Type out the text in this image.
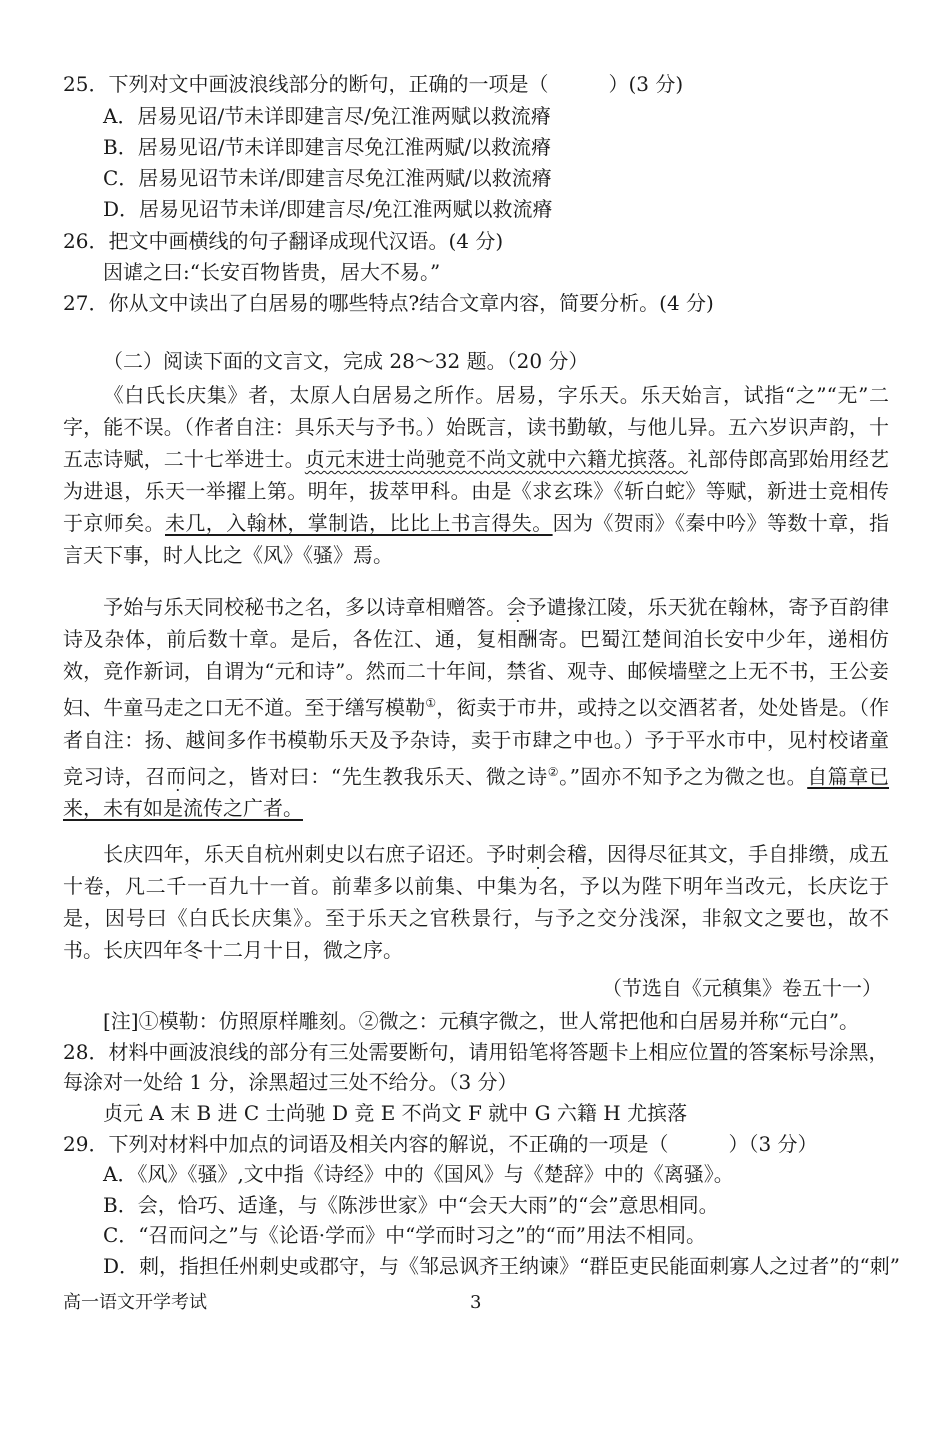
25．下列对文中画波浪线部分的断句，正确的一项是（　　　）(3 分)
A．居易见诏/节未详即建言尽/免江淮两赋以救流瘠
B．居易见诏/节未详即建言尽免江淮两赋/以救流瘠
C．居易见诏节未详/即建言尽免江淮两赋/以救流瘠
D．居易见诏节未详/即建言尽/免江淮两赋以救流瘠
26．把文中画横线的句子翻译成现代汉语。(4 分)
因谑之曰:“长安百物皆贵，居大不易。”
27．你从文中读出了白居易的哪些特点?结合文章内容，简要分析。(4 分)
（二）阅读下面的文言文，完成 28～32 题。（20 分）
《白氏长庆集》者，太原人白居易之所作。居易，字乐天。乐天始言，试指“之”“无”二字，能不误。（作者自注：具乐天与予书。）始既言，读书勤敏，与他儿异。五六岁识声韵，十五志诗赋，二十七举进士。贞元末进士尚驰竞不尚文就中六籍尤摈落。礼部侍郎高郢始用经艺为进退，乐天一举擢上第。明年，拔萃甲科。由是《求玄珠》《斩白蛇》等赋，新进士竞相传于京师矣。未几，入翰林，掌制诰，比比上书言得失。因为《贺雨》《秦中吟》等数十章，指言天下事，时人比之《风》《骚》焉。
予始与乐天同校秘书之名，多以诗章相赠答。会予谴掾江陵，乐天犹在翰林，寄予百韵律诗及杂体，前后数十章。是后，各佐江、通，复相酬寄。巴蜀江楚间洎长安中少年，递相仿效，竞作新词，自谓为“元和诗”。然而二十年间，禁省、观寺、邮候墙壁之上无不书，王公妾妇、牛童马走之口无不道。至于缮写模勒①，衒卖于市井，或持之以交酒茗者，处处皆是。（作者自注：扬、越间多作书模勒乐天及予杂诗，卖于市肆之中也。）予于平水市中，见村校诸童竞习诗，召而问之，皆对曰：“先生教我乐天、微之诗②。”固亦不知予之为微之也。自篇章已来，未有如是流传之广者。
长庆四年，乐天自杭州刺史以右庶子诏还。予时刺会稽，因得尽征其文，手自排缵，成五十卷，凡二千一百九十一首。前辈多以前集、中集为名，予以为陛下明年当改元，长庆讫于是，因号曰《白氏长庆集》。至于乐天之官秩景行，与予之交分浅深，非叙文之要也，故不书。长庆四年冬十二月十日，微之序。
（节选自《元稹集》卷五十一）
[注]①模勒：仿照原样雕刻。②微之：元稹字微之，世人常把他和白居易并称“元白”。
28．材料中画波浪线的部分有三处需要断句，请用铅笔将答题卡上相应位置的答案标号涂黑，
每涂对一处给 1 分，涂黑超过三处不给分。（3 分）
贞元 A 末 B 进 C 士尚驰 D 竞 E 不尚文 F 就中 G 六籍 H 尤摈落
29．下列对材料中加点的词语及相关内容的解说，不正确的一项是（　　　）（3 分）
A．《风》《骚》,文中指《诗经》中的《国风》与《楚辞》中的《离骚》。
B．会，恰巧、适逢，与《陈涉世家》中“会天大雨”的“会”意思相同。
C．“召而问之”与《论语·学而》中“学而时习之”的“而”用法不相同。
D．刺，指担任州刺史或郡守，与《邹忌讽齐王纳谏》“群臣吏民能面刺寡人之过者”的“刺”
高一语文开学考试	3
